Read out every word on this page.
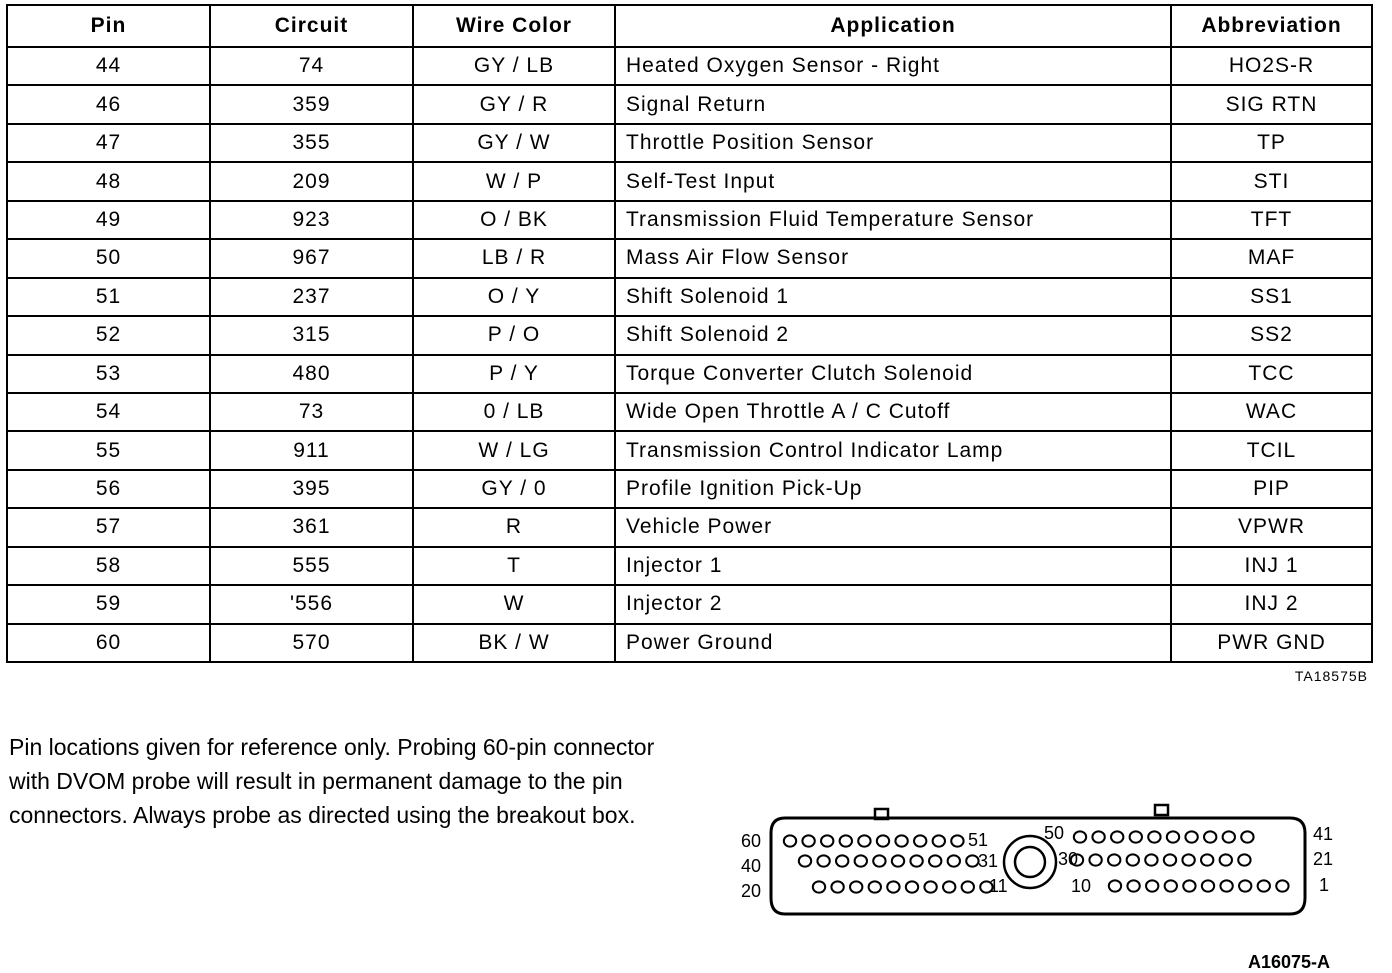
Pin	Circuit	Wire Color	Application	Abbreviation
44	74	GY / LB	Heated Oxygen Sensor - Right	HO2S-R
46	359	GY / R	Signal Return	SIG RTN
47	355	GY / W	Throttle Position Sensor	TP
48	209	W / P	Self-Test Input	STI
49	923	O / BK	Transmission Fluid Temperature Sensor	TFT
50	967	LB / R	Mass Air Flow Sensor	MAF
51	237	O / Y	Shift Solenoid 1	SS1
52	315	P / O	Shift Solenoid 2	SS2
53	480	P / Y	Torque Converter Clutch Solenoid	TCC
54	73	0 / LB	Wide Open Throttle A / C Cutoff	WAC
55	911	W / LG	Transmission Control Indicator Lamp	TCIL
56	395	GY / 0	Profile Ignition Pick-Up	PIP
57	361	R	Vehicle Power	VPWR
58	555	T	Injector 1	INJ 1
59	'556	W	Injector 2	INJ 2
60	570	BK / W	Power Ground	PWR GND
TA18575B
Pin locations given for reference only. Probing 60-pin connector with DVOM probe will result in permanent damage to the pin connectors. Always probe as directed using the breakout box.
60
40
20
51
31
11
50
30
10
41
21
1
A16075-A
